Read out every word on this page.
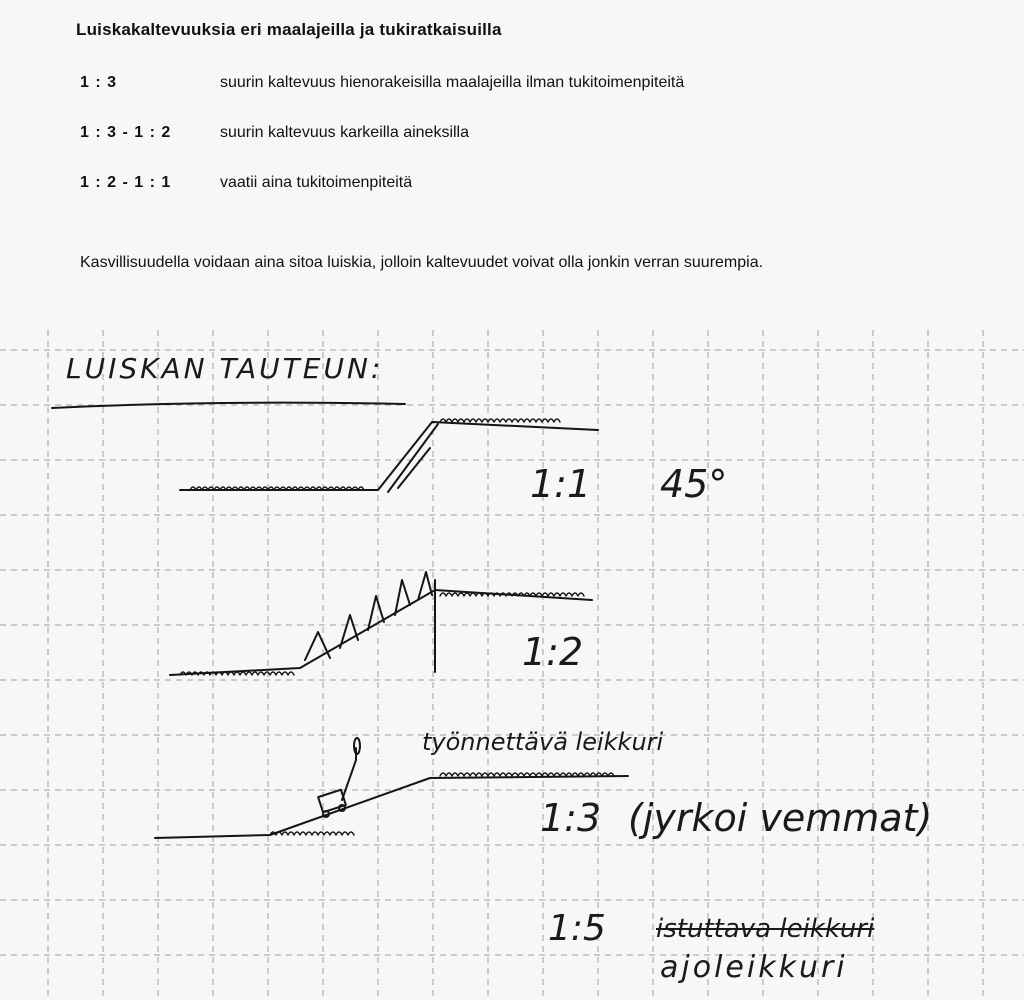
Luiskakaltevuuksia eri maalajeilla ja tukiratkaisuilla
1 : 3	suurin kaltevuus hienorakeisilla maalajeilla ilman tukitoimenpiteitä
1 : 3 - 1 : 2	suurin kaltevuus karkeilla aineksilla
1 : 2 - 1 : 1	vaatii aina tukitoimenpiteitä
Kasvillisuudella voidaan aina sitoa luiskia, jolloin kaltevuudet voivat olla jonkin verran suurempia.
LUISKAN TAUTEUN:
1:1 45°
1:2
työnnettävä leikkuri
1:3 (jyrkoi vemmat)
1:5 istuttava leikkuri
ajoleikkuri
